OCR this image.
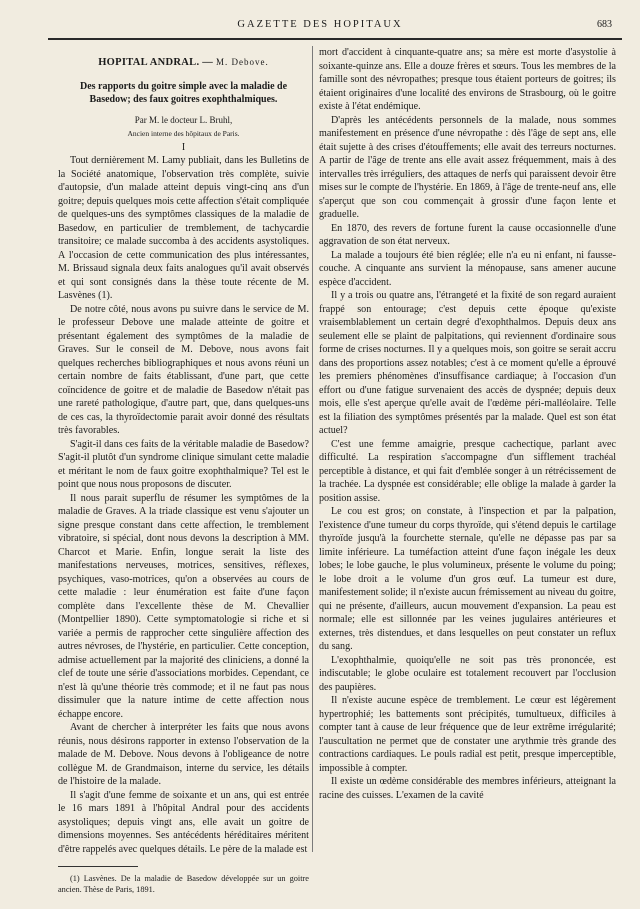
GAZETTE DES HOPITAUX	683
HOPITAL ANDRAL. — M. Debove.
Des rapports du goitre simple avec la maladie de
Basedow; des faux goitres exophthalmiques.

Par M. le docteur L. Bruhl,

Ancien interne des hôpitaux de Paris.

I

Tout dernièrement M. Lamy publiait, dans les Bulletins de la Société anatomique, l'observation très complète, suivie d'autopsie, d'un malade atteint depuis vingt-cinq ans d'un goitre; depuis quelques mois cette affection s'était compliquée de quelques-uns des symptômes classiques de la maladie de Basedow, en particulier de tremblement, de tachycardie transitoire; ce malade succomba à des accidents asystoliques. A l'occasion de cette communication des plus intéressantes, M. Brissaud signala deux faits analogues qu'il avait observés et qui sont consignés dans la thèse toute récente de M. Lasvènes (1).

De notre côté, nous avons pu suivre dans le service de M. le professeur Debove une malade atteinte de goitre et présentant également des symptômes de la maladie de Graves. Sur le conseil de M. Debove, nous avons fait quelques recherches bibliographiques et nous avons réuni un certain nombre de faits établissant, d'une part, que cette coïncidence de goitre et de maladie de Basedow n'était pas une rareté pathologique, d'autre part, que, dans quelques-uns de ces cas, la thyroïdectomie parait avoir donné des résultats très favorables.

S'agit-il dans ces faits de la véritable maladie de Basedow? S'agit-il plutôt d'un syndrome clinique simulant cette maladie et méritant le nom de faux goitre exophthalmique? Tel est le point que nous nous proposons de discuter.

Il nous parait superflu de résumer les symptômes de la maladie de Graves. A la triade classique est venu s'ajouter un signe presque constant dans cette affection, le tremblement vibratoire, si spécial, dont nous devons la description à MM. Charcot et Marie. Enfin, longue serait la liste des manifestations nerveuses, motrices, sensitives, réflexes, psychiques, vaso-motrices, qu'on a observées au cours de cette maladie : leur énumération est faite d'une façon complète dans l'excellente thèse de M. Chevallier (Montpellier 1890). Cette symptomatologie si riche et si variée a permis de rapprocher cette singulière affection des autres névroses, de l'hystérie, en particulier. Cette conception, admise actuellement par la majorité des cliniciens, a donné la clef de toute une série d'associations morbides. Cependant, ce n'est là qu'une théorie très commode; et il ne faut pas nous dissimuler que la nature intime de cette affection nous échappe encore.

Avant de chercher à interpréter les faits que nous avons réunis, nous désirons rapporter in extenso l'observation de la malade de M. Debove. Nous devons à l'obligeance de notre collègue M. de Grandmaison, interne du service, les détails de l'histoire de la malade.

Il s'agit d'une femme de soixante et un ans, qui est entrée le 16 mars 1891 à l'hôpital Andral pour des accidents asystoliques; depuis vingt ans, elle avait un goitre de dimensions moyennes. Ses antécédents héréditaires méritent d'être rappelés avec quelques détails. Le père de la malade est

(1) Lasvènes. De la maladie de Basedow développée sur un goitre ancien. Thèse de Paris, 1891.

mort d'accident à cinquante-quatre ans; sa mère est morte d'asystolie à soixante-quinze ans. Elle a douze frères et sœurs. Tous les membres de la famille sont des névropathes; presque tous étaient porteurs de goitres; ils étaient originaires d'une localité des environs de Strasbourg, où le goitre existe à l'état endémique.

D'après les antécédents personnels de la malade, nous sommes manifestement en présence d'une névropathe : dès l'âge de sept ans, elle était sujette à des crises d'étouffements; elle avait des terreurs nocturnes. A partir de l'âge de trente ans elle avait assez fréquemment, mais à des intervalles très irréguliers, des attaques de nerfs qui paraissent devoir être mises sur le compte de l'hystérie. En 1869, à l'âge de trente-neuf ans, elle s'aperçut que son cou commençait à grossir d'une façon lente et graduelle.

En 1870, des revers de fortune furent la cause occasionnelle d'une aggravation de son état nerveux.

La malade a toujours été bien réglée; elle n'a eu ni enfant, ni fausse-couche. A cinquante ans survient la ménopause, sans amener aucune espèce d'accident.

Il y a trois ou quatre ans, l'étrangeté et la fixité de son regard auraient frappé son entourage; c'est depuis cette époque qu'existe vraisemblablement un certain degré d'exophthalmos. Depuis deux ans seulement elle se plaint de palpitations, qui reviennent d'ordinaire sous forme de crises nocturnes. Il y a quelques mois, son goitre se serait accru dans des proportions assez notables; c'est à ce moment qu'elle a éprouvé les premiers phénomènes d'insuffisance cardiaque; à l'occasion d'un effort ou d'une fatigue survenaient des accès de dyspnée; depuis deux mois, elle s'est aperçue qu'elle avait de l'œdème péri-malléolaire. Telle est la filiation des symptômes présentés par la malade. Quel est son état actuel?

C'est une femme amaigrie, presque cachectique, parlant avec difficulté. La respiration s'accompagne d'un sifflement trachéal perceptible à distance, et qui fait d'emblée songer à un rétrécissement de la trachée. La dyspnée est considérable; elle oblige la malade à garder la position assise.

Le cou est gros; on constate, à l'inspection et par la palpation, l'existence d'une tumeur du corps thyroïde, qui s'étend depuis le cartilage thyroïde jusqu'à la fourchette sternale, qu'elle ne dépasse pas par sa limite inférieure. La tuméfaction atteint d'une façon inégale les deux lobes; le lobe gauche, le plus volumineux, présente le volume du poing; le lobe droit a le volume d'un gros œuf. La tumeur est dure, manifestement solide; il n'existe aucun frémissement au niveau du goitre, qui ne présente, d'ailleurs, aucun mouvement d'expansion. La peau est normale; elle est sillonnée par les veines jugulaires antérieures et externes, très distendues, et dans lesquelles on peut constater un reflux du sang.

L'exophthalmie, quoiqu'elle ne soit pas très prononcée, est indiscutable; le globe oculaire est totalement recouvert par l'occlusion des paupières.

Il n'existe aucune espèce de tremblement. Le cœur est légèrement hypertrophié; les battements sont précipités, tumultueux, difficiles à compter tant à cause de leur fréquence que de leur extrême irrégularité; l'auscultation ne permet que de constater une arythmie très grande des contractions cardiaques. Le pouls radial est petit, presque imperceptible, impossible à compter.

Il existe un œdème considérable des membres inférieurs, atteignant la racine des cuisses. L'examen de la cavité
